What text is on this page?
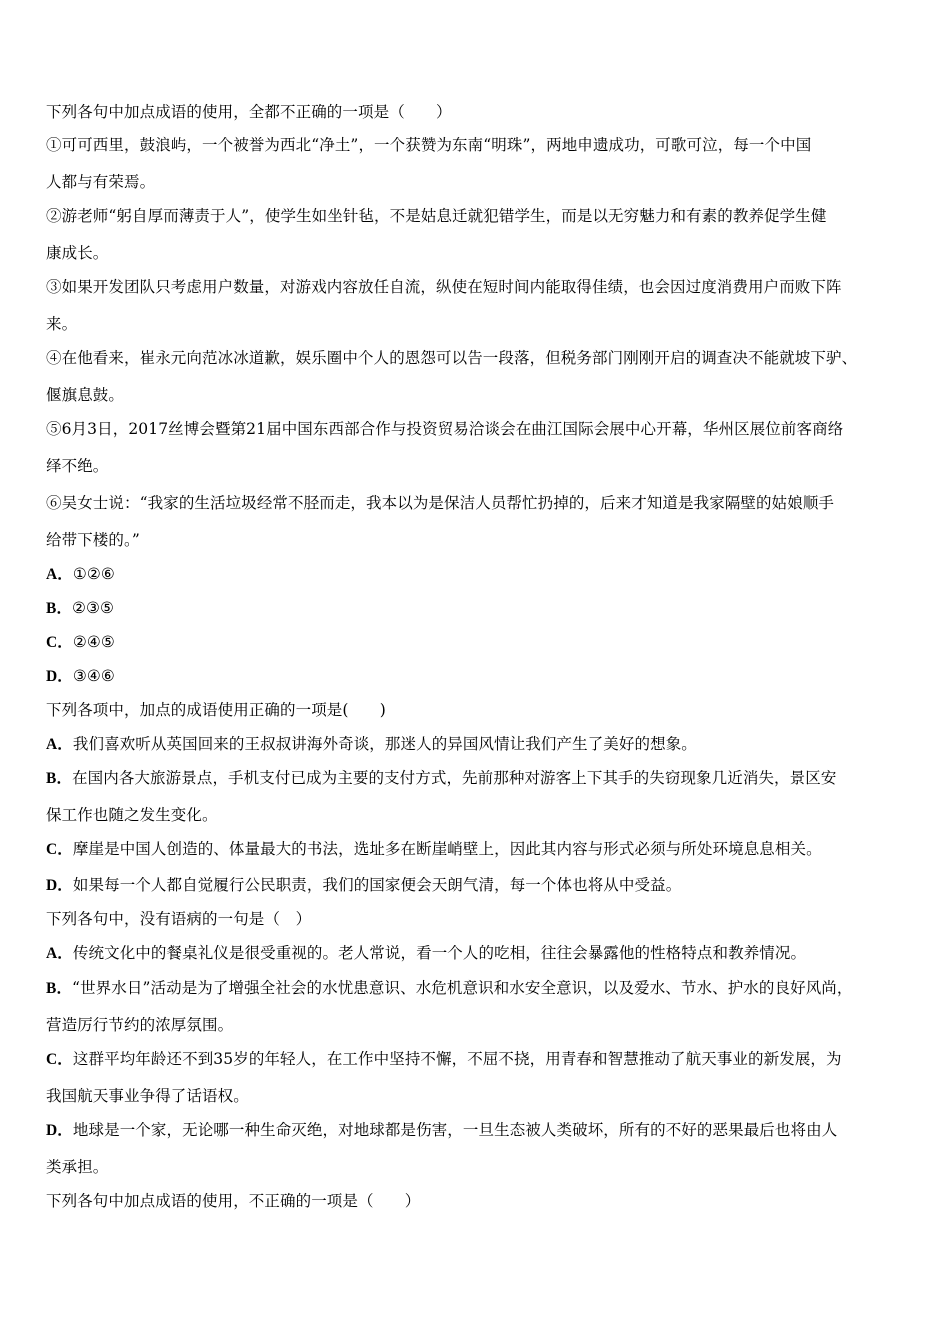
下列各句中加点成语的使用，全都不正确的一项是（　　）
①可可西里，鼓浪屿，一个被誉为西北“净土”，一个获赞为东南“明珠”，两地申遗成功，可歌可泣，每一个中国
人都与有荣焉。
②游老师“躬自厚而薄责于人”，使学生如坐针毡，不是姑息迁就犯错学生，而是以无穷魅力和有素的教养促学生健
康成长。
③如果开发团队只考虑用户数量，对游戏内容放任自流，纵使在短时间内能取得佳绩，也会因过度消费用户而败下阵
来。
④在他看来，崔永元向范冰冰道歉，娱乐圈中个人的恩怨可以告一段落，但税务部门刚刚开启的调查决不能就坡下驴、
偃旗息鼓。
⑤6月3日，2017丝博会暨第21届中国东西部合作与投资贸易洽谈会在曲江国际会展中心开幕，华州区展位前客商络
绎不绝。
⑥吴女士说：“我家的生活垃圾经常不胫而走，我本以为是保洁人员帮忙扔掉的，后来才知道是我家隔壁的姑娘顺手
给带下楼的。”
A．①②⑥
B．②③⑤
C．②④⑤
D．③④⑥
下列各项中，加点的成语使用正确的一项是(　　)
A．我们喜欢听从英国回来的王叔叔讲海外奇谈，那迷人的异国风情让我们产生了美好的想象。
B．在国内各大旅游景点，手机支付已成为主要的支付方式，先前那种对游客上下其手的失窃现象几近消失，景区安
保工作也随之发生变化。
C．摩崖是中国人创造的、体量最大的书法，选址多在断崖峭壁上，因此其内容与形式必须与所处环境息息相关。
D．如果每一个人都自觉履行公民职责，我们的国家便会天朗气清，每一个体也将从中受益。
下列各句中，没有语病的一句是（　）
A．传统文化中的餐桌礼仪是很受重视的。老人常说，看一个人的吃相，往往会暴露他的性格特点和教养情况。
B．“世界水日”活动是为了增强全社会的水忧患意识、水危机意识和水安全意识，以及爱水、节水、护水的良好风尚，
营造厉行节约的浓厚氛围。
C．这群平均年龄还不到35岁的年轻人，在工作中坚持不懈，不屈不挠，用青春和智慧推动了航天事业的新发展，为
我国航天事业争得了话语权。
D．地球是一个家，无论哪一种生命灭绝，对地球都是伤害，一旦生态被人类破坏，所有的不好的恶果最后也将由人
类承担。
下列各句中加点成语的使用，不正确的一项是（　　）
